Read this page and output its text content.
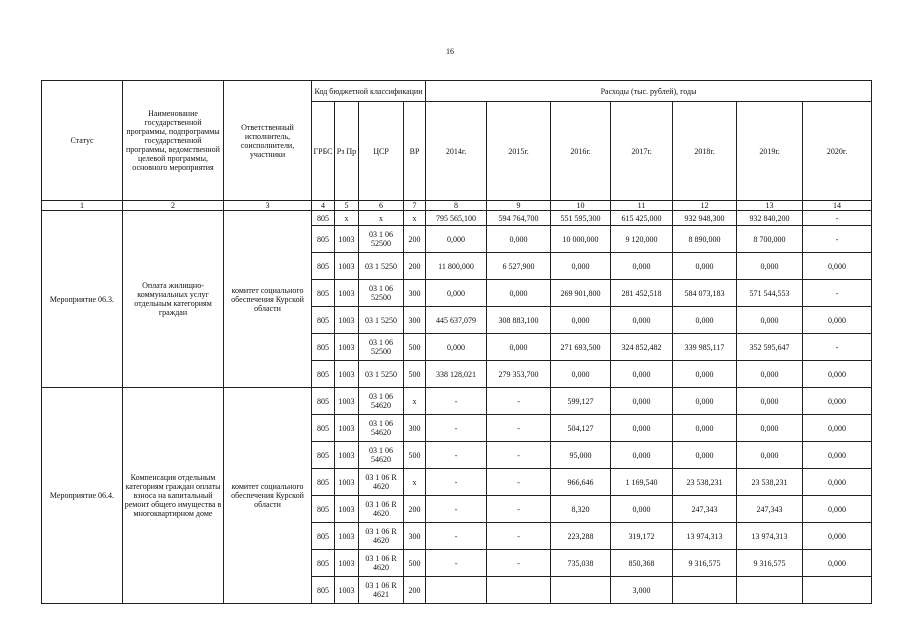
16
Статус	Наименование государственной программы, подпрограммы государственной программы, ведомственной целевой программы, основного мероприятия	Ответственный исполнитель, соисполнители, участники	Код бюджетной классификации				Расходы (тыс. рублей), годы						
			ГРБС	Рз Пр	ЦСР	ВР	2014г.	2015г.	2016г.	2017г.	2018г.	2019г.	2020г.
1	2	3	4	5	6	7	8	9	10	11	12	13	14
Мероприятие 06.3.	Оплата жилищно-коммунальных услуг отдельным категориям граждан	комитет социального обеспечения Курской области	805	x	x	x	795 565,100	594 764,700	551 595,300	615 425,000	932 948,300	932 840,200	-
			805	1003	03 1 06 52500	200	0,000	0,000	10 000,000	9 120,000	8 890,000	8 700,000	-
			805	1003	03 1 5250	200	11 800,000	6 527,900	0,000	0,000	0,000	0,000	0,000
			805	1003	03 1 06 52500	300	0,000	0,000	269 901,800	281 452,518	584 073,183	571 544,553	-
			805	1003	03 1 5250	300	445 637,079	308 883,100	0,000	0,000	0,000	0,000	0,000
			805	1003	03 1 06 52500	500	0,000	0,000	271 693,500	324 852,482	339 985,117	352 595,647	-
			805	1003	03 1 5250	500	338 128,021	279 353,700	0,000	0,000	0,000	0,000	0,000
Мероприятие 06.4.	Компенсация отдельным категориям граждан оплаты взноса на капитальный ремонт общего имущества в многоквартирном доме	комитет социального обеспечения Курской области	805	1003	03 1 06 54620	x	-	-	599,127	0,000	0,000	0,000	0,000
			805	1003	03 1 06 54620	300	-	-	504,127	0,000	0,000	0,000	0,000
			805	1003	03 1 06 54620	500	-	-	95,000	0,000	0,000	0,000	0,000
			805	1003	03 1 06 R 4620	x	-	-	966,646	1 169,540	23 538,231	23 538,231	0,000
			805	1003	03 1 06 R 4620	200	-	-	8,320	0,000	247,343	247,343	0,000
			805	1003	03 1 06 R 4620	300	-	-	223,288	319,172	13 974,313	13 974,313	0,000
			805	1003	03 1 06 R 4620	500	-	-	735,038	850,368	9 316,575	9 316,575	0,000
			805	1003	03 1 06 R 4621	200				3,000			
